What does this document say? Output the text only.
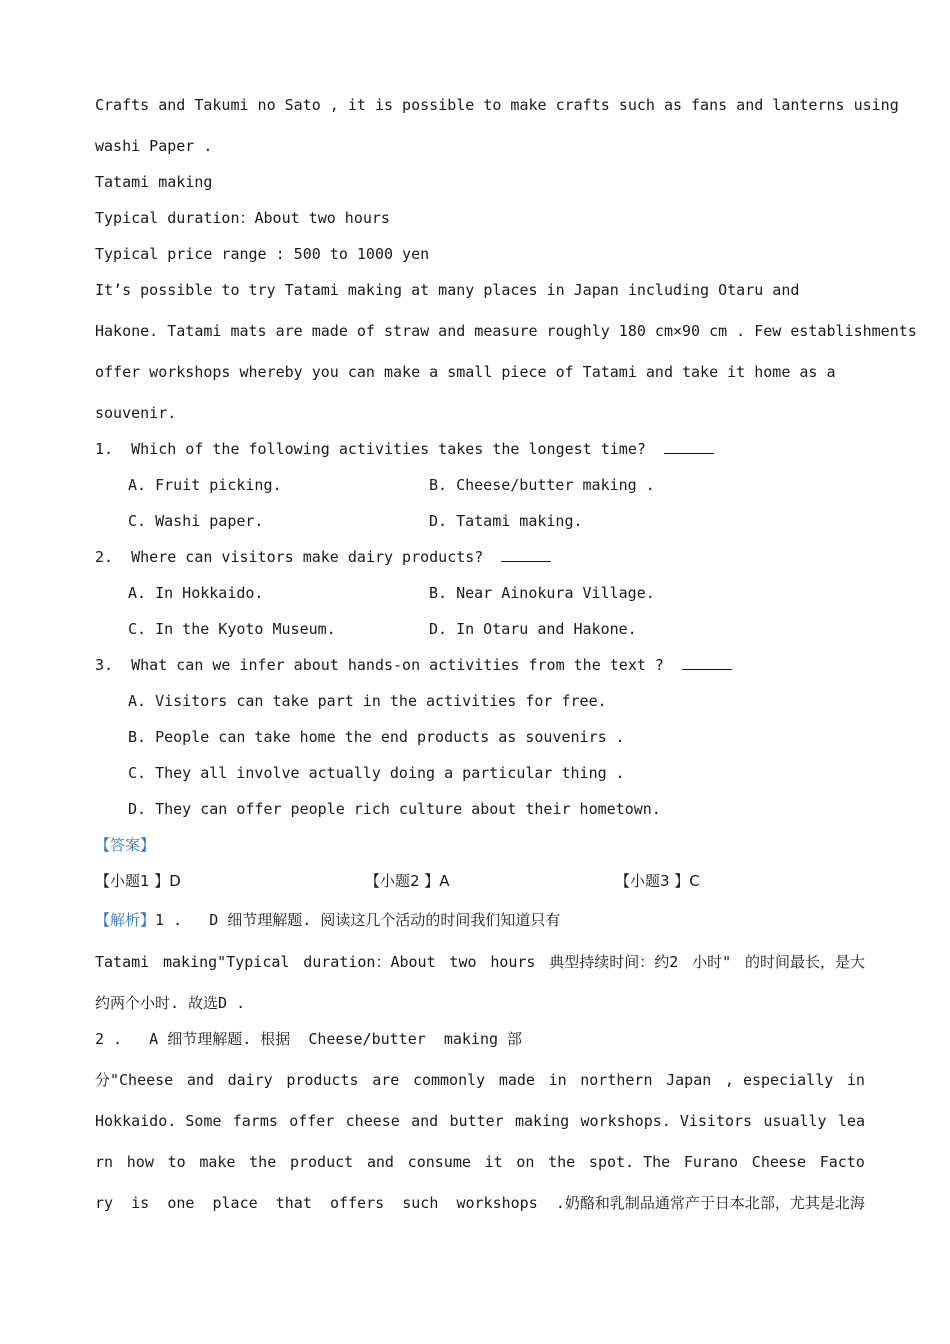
Crafts and Takumi no Sato , it is possible to make crafts such as fans and lanterns using
washi Paper .
Tatami making
Typical duration：About two hours
Typical price range : 500 to 1000 yen
It’s possible to try Tatami making at many places in Japan including Otaru and
Hakone. Tatami mats are made of straw and measure roughly 180 cm×90 cm . Few establishments
offer workshops whereby you can make a small piece of Tatami and take it home as a
souvenir.
1. Which of the following activities takes the longest time?
A. Fruit picking.	B. Cheese/butter making .
C. Washi paper.	D. Tatami making.
2. Where can visitors make dairy products?
A. In Hokkaido.	B. Near Ainokura Village.
C. In the Kyoto Museum.	D. In Otaru and Hakone.
3. What can we infer about hands-on activities from the text ?
A. Visitors can take part in the activities for free.
B. People can take home the end products as souvenirs .
C. They all involve actually doing a particular thing .
D. They can offer people rich culture about their hometown.
【答案】
【小题1 】D	【小题2 】A	【小题3 】C
【解析】1 .   D 细节理解题. 阅读这几个活动的时间我们知道只有
Tatami making"Typical duration：About two hours 典型持续时间：约2 小时" 的时间最长，是大
约两个小时. 故选D .
2 .   A 细节理解题. 根据  Cheese/butter  making 部
分"Cheese and dairy products are commonly made in northern Japan , especially in
Hokkaido. Some farms offer cheese and butter making workshops. Visitors usually lea
rn how to make the product and consume it on the spot. The Furano Cheese Facto
ry is one place that offers such workshops .奶酪和乳制品通常产于日本北部，尤其是北海
